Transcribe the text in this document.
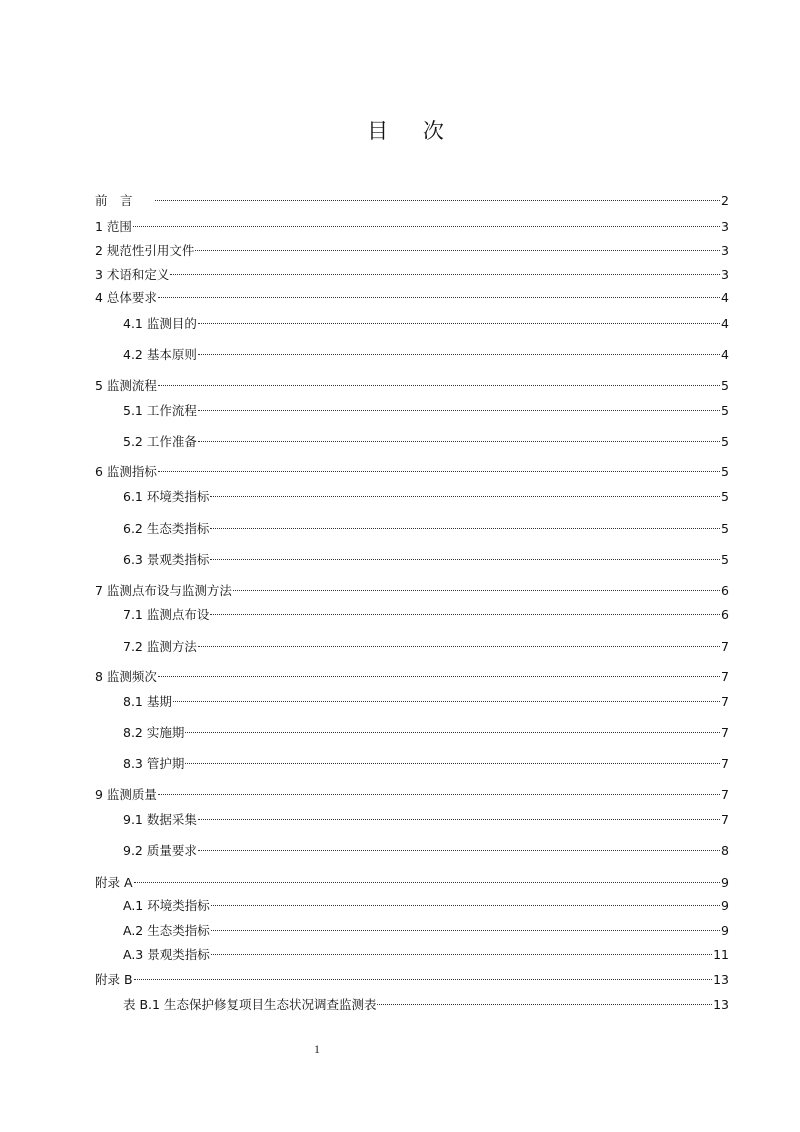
目 次
前　言	2
1 范围	3
2 规范性引用文件	3
3 术语和定义	3
4 总体要求	4
4.1 监测目的	4
4.2 基本原则	4
5 监测流程	5
5.1 工作流程	5
5.2 工作准备	5
6 监测指标	5
6.1 环境类指标	5
6.2 生态类指标	5
6.3 景观类指标	5
7 监测点布设与监测方法	6
7.1 监测点布设	6
7.2 监测方法	7
8 监测频次	7
8.1 基期	7
8.2 实施期	7
8.3 管护期	7
9 监测质量	7
9.1 数据采集	7
9.2 质量要求	8
附录 A	9
A.1 环境类指标	9
A.2 生态类指标	9
A.3 景观类指标	11
附录 B	13
表 B.1 生态保护修复项目生态状况调查监测表	13
1
